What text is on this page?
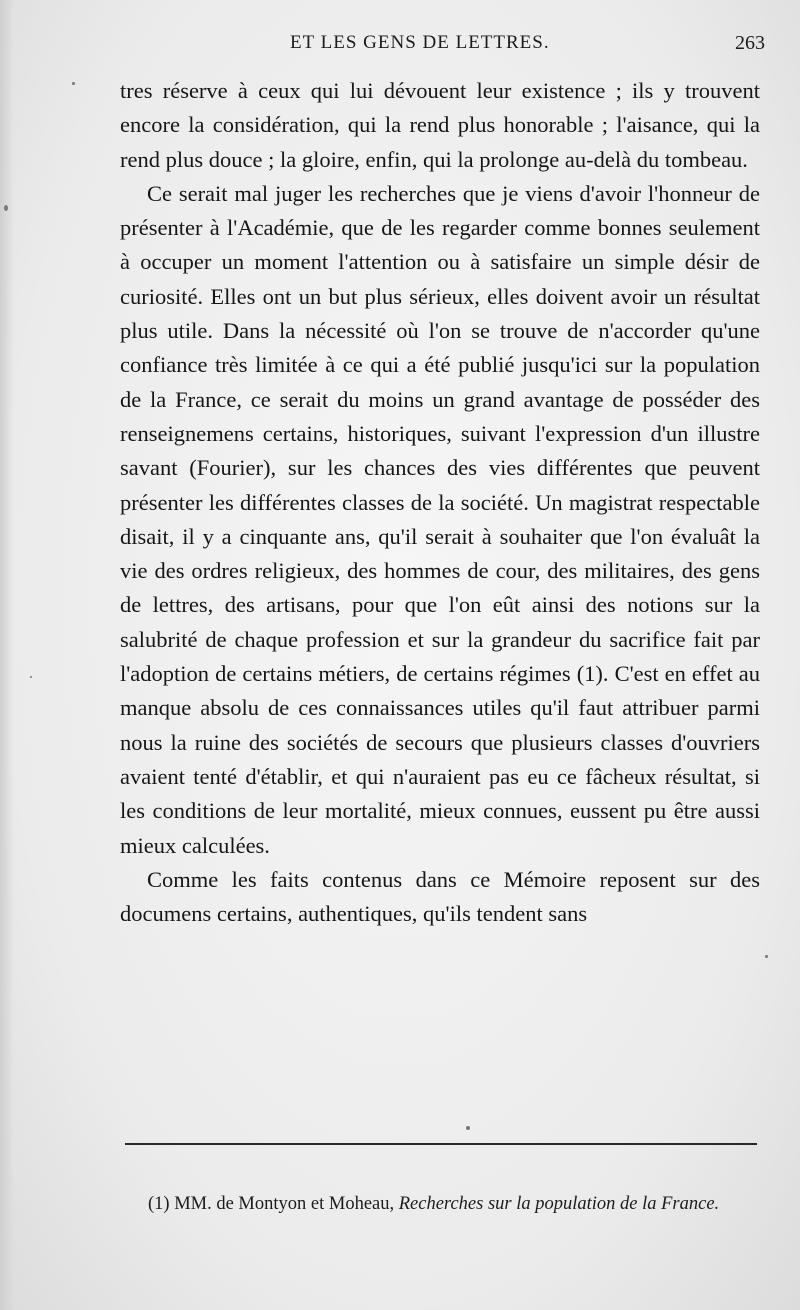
ET LES GENS DE LETTRES.	263

tres réserve à ceux qui lui dévouent leur existence ; ils y trouvent encore la considération, qui la rend plus honorable ; l'aisance, qui la rend plus douce ; la gloire, enfin, qui la prolonge au-delà du tombeau.

Ce serait mal juger les recherches que je viens d'avoir l'honneur de présenter à l'Académie, que de les regarder comme bonnes seulement à occuper un moment l'attention ou à satisfaire un simple désir de curiosité. Elles ont un but plus sérieux, elles doivent avoir un résultat plus utile. Dans la nécessité où l'on se trouve de n'accorder qu'une confiance très limitée à ce qui a été publié jusqu'ici sur la population de la France, ce serait du moins un grand avantage de posséder des renseignemens certains, historiques, suivant l'expression d'un illustre savant (Fourier), sur les chances des vies différentes que peuvent présenter les différentes classes de la société. Un magistrat respectable disait, il y a cinquante ans, qu'il serait à souhaiter que l'on évaluât la vie des ordres religieux, des hommes de cour, des militaires, des gens de lettres, des artisans, pour que l'on eût ainsi des notions sur la salubrité de chaque profession et sur la grandeur du sacrifice fait par l'adoption de certains métiers, de certains régimes (1). C'est en effet au manque absolu de ces connaissances utiles qu'il faut attribuer parmi nous la ruine des sociétés de secours que plusieurs classes d'ouvriers avaient tenté d'établir, et qui n'auraient pas eu ce fâcheux résultat, si les conditions de leur mortalité, mieux connues, eussent pu être aussi mieux calculées.

Comme les faits contenus dans ce Mémoire reposent sur des documens certains, authentiques, qu'ils tendent sans

(1) MM. de Montyon et Moheau, Recherches sur la population de la France.
